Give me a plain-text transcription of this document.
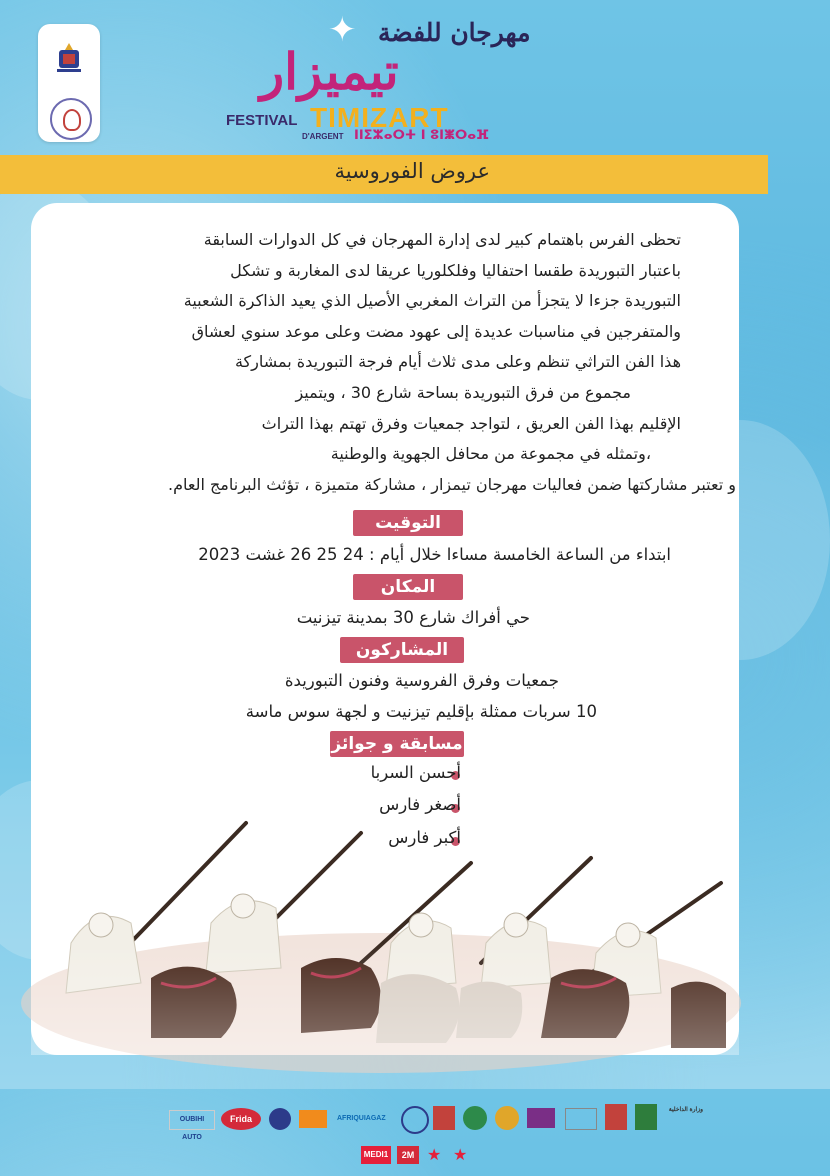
✦ مهرجان للفضة
تيميزار
FESTIVAL TIMIZART
D'ARGENT ⵏⵏⵉⵣⴰⵔⵜ ⵏ ⵓⵏⵥⵔⴰⴼ
عروض الفوروسية
تحظى الفرس باهتمام كبير لدى إدارة المهرجان في كل الدوارات السابقة
باعتبار التبوريدة طقسا احتفاليا وفلكلوريا عريقا لدى المغاربة و تشكل
التبوريدة جزءا لا يتجزأ من التراث المغربي الأصيل الذي يعيد الذاكرة الشعبية
والمتفرجين في مناسبات عديدة إلى عهود مضت وعلى موعد سنوي لعشاق
هذا الفن التراثي تنظم وعلى مدى ثلاث أيام فرجة التبوريدة بمشاركة
مجموع من فرق التبوريدة بساحة شارع 30 ، ويتميز
الإقليم بهذا الفن العريق ، لتواجد جمعيات وفرق تهتم بهذا التراث
،وتمثله في مجموعة من محافل الجهوية والوطنية
و تعتبر مشاركتها ضمن فعاليات مهرجان تيمزار ، مشاركة متميزة ، تؤثث البرنامج العام.
التوقيت
ابتداء من الساعة الخامسة مساءا خلال أيام : 24 25 26 غشت 2023
المكان
حي أفراك شارع 30 بمدينة تيزنيت
المشاركون
جمعيات وفرق الفروسية وفنون التبوريدة
10 سربات ممثلة بإقليم تيزنيت و لجهة سوس ماسة
مسابقة و جوائز
أحسن السربا
أصغر فارس
أكبر فارس
OUBIHI AUTO
Frida	AFRIQUIAGAZ
وزارة الداخلية
MEDI1	2M ★ ★
